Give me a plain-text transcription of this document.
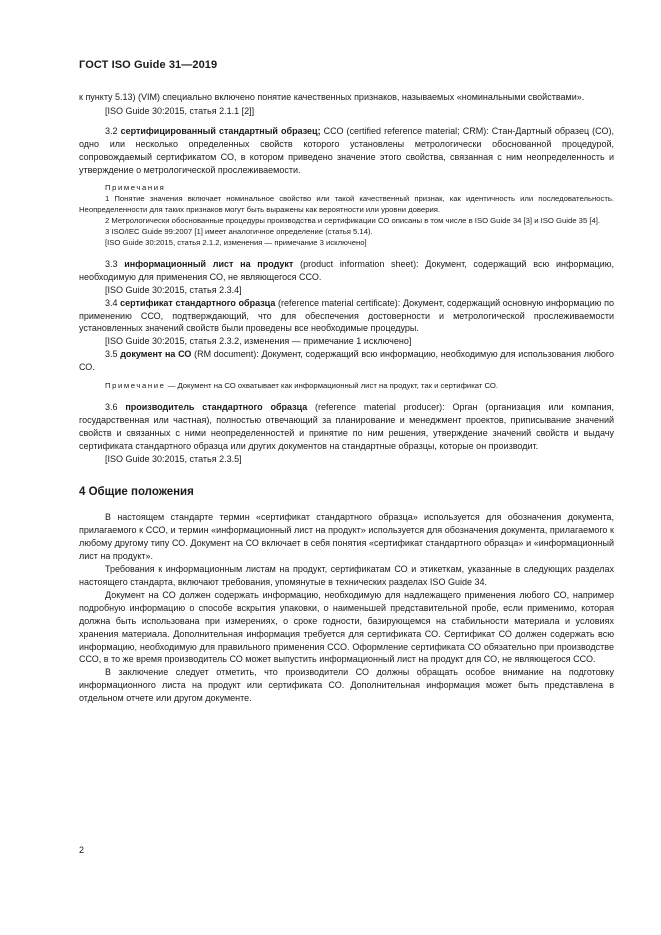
ГОСТ ISO Guide 31—2019

к пункту 5.13) (VIM) специально включено понятие качественных признаков, называемых «номинальными свойствами».

[ISO Guide 30:2015, статья 2.1.1 [2]]

3.2 сертифицированный стандартный образец; ССО (certified reference material; CRM): Стан-Дартный образец (СО), одно или несколько определенных свойств которого установлены метрологически обоснованной процедурой, сопровождаемый сертификатом СО, в котором приведено значение этого свойства, связанная с ним неопределенность и утверждение о метрологической прослеживаемости.

Примечания

1 Понятие значения включает номинальное свойство или такой качественный признак, как идентичность или последовательность. Неопределенности для таких признаков могут быть выражены как вероятности или уровни доверия.

2 Метрологически обоснованные процедуры производства и сертификации СО описаны в том числе в ISO Guide 34 [3] и ISO Guide 35 [4].

3 ISO/IEC Guide 99:2007 [1] имеет аналогичное определение (статья 5.14).

[ISO Guide 30:2015, статья 2.1.2, изменения — примечание 3 исключено]

3.3 информационный лист на продукт (product information sheet): Документ, содержащий всю информацию, необходимую для применения СО, не являющегося ССО.

[ISO Guide 30:2015, статья 2.3.4]

3.4 сертификат стандартного образца (reference material certificate): Документ, содержащий основную информацию по применению ССО, подтверждающий, что для обеспечения достоверности и метрологической прослеживаемости установленных значений свойств были проведены все необходимые процедуры.

[ISO Guide 30:2015, статья 2.3.2, изменения — примечание 1 исключено]

3.5 документ на СО (RM document): Документ, содержащий всю информацию, необходимую для использования любого СО.

Примечание — Документ на СО охватывает как информационный лист на продукт, так и сертификат СО.

3.6 производитель стандартного образца (reference material producer): Орган (организация или компания, государственная или частная), полностью отвечающий за планирование и менеджмент проектов, приписывание значений свойств и связанных с ними неопределенностей и принятие по ним решения, утверждение значений свойств и выдачу сертификата стандартного образца или других документов на стандартные образцы, которые он производит.

[ISO Guide 30:2015, статья 2.3.5]

4 Общие положения

В настоящем стандарте термин «сертификат стандартного образца» используется для обозначения документа, прилагаемого к ССО, и термин «информационный лист на продукт» используется для обозначения документа, прилагаемого к любому другому типу СО. Документ на СО включает в себя понятия «сертификат стандартного образца» и «информационный лист на продукт».

Требования к информационным листам на продукт, сертификатам СО и этикеткам, указанные в следующих разделах настоящего стандарта, включают требования, упомянутые в технических разделах ISO Guide 34.

Документ на СО должен содержать информацию, необходимую для надлежащего применения любого СО, например подробную информацию о способе вскрытия упаковки, о наименьшей представительной пробе, если применимо, которая должна быть использована при измерениях, о сроке годности, базирующемся на стабильности материала и условиях хранения материала. Дополнительная информация требуется для сертификата СО. Сертификат СО должен содержать всю информацию, необходимую для правильного применения ССО. Оформление сертификата СО обязательно при производстве ССО, в то же время производитель СО может выпустить информационный лист на продукт для СО, не являющегося ССО.

В заключение следует отметить, что производители СО должны обращать особое внимание на подготовку информационного листа на продукт или сертификата СО. Дополнительная информация может быть представлена в отдельном отчете или другом документе.

2
